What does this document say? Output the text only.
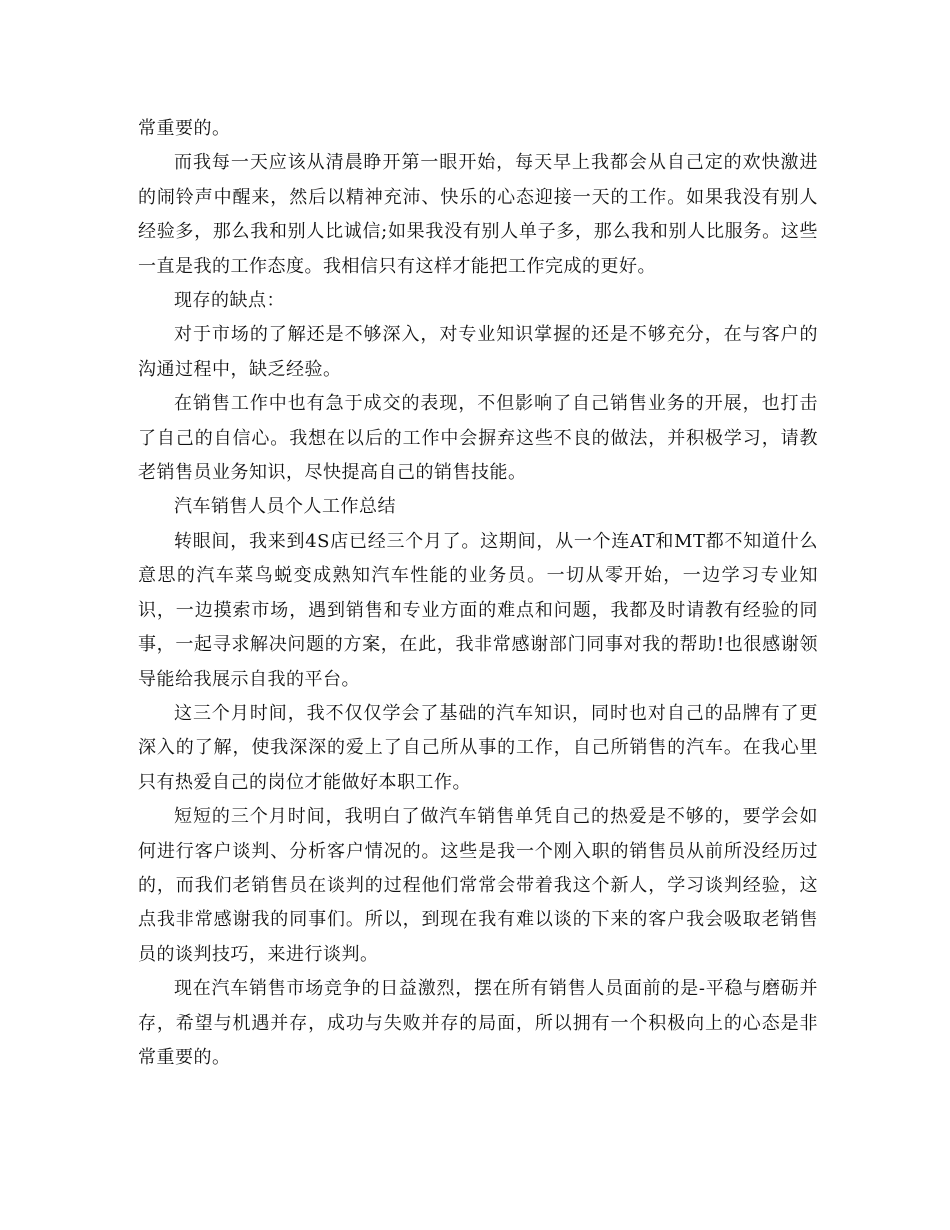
常重要的。

而我每一天应该从清晨睁开第一眼开始，每天早上我都会从自己定的欢快激进的闹铃声中醒来，然后以精神充沛、快乐的心态迎接一天的工作。如果我没有别人经验多，那么我和别人比诚信;如果我没有别人单子多，那么我和别人比服务。这些一直是我的工作态度。我相信只有这样才能把工作完成的更好。

现存的缺点：

对于市场的了解还是不够深入，对专业知识掌握的还是不够充分，在与客户的沟通过程中，缺乏经验。

在销售工作中也有急于成交的表现，不但影响了自己销售业务的开展，也打击了自己的自信心。我想在以后的工作中会摒弃这些不良的做法，并积极学习，请教老销售员业务知识，尽快提高自己的销售技能。

汽车销售人员个人工作总结

转眼间，我来到4S店已经三个月了。这期间，从一个连AT和MT都不知道什么意思的汽车菜鸟蜕变成熟知汽车性能的业务员。一切从零开始，一边学习专业知识，一边摸索市场，遇到销售和专业方面的难点和问题，我都及时请教有经验的同事，一起寻求解决问题的方案，在此，我非常感谢部门同事对我的帮助!也很感谢领导能给我展示自我的平台。

这三个月时间，我不仅仅学会了基础的汽车知识，同时也对自己的品牌有了更深入的了解，使我深深的爱上了自己所从事的工作，自己所销售的汽车。在我心里只有热爱自己的岗位才能做好本职工作。

短短的三个月时间，我明白了做汽车销售单凭自己的热爱是不够的，要学会如何进行客户谈判、分析客户情况的。这些是我一个刚入职的销售员从前所没经历过的，而我们老销售员在谈判的过程他们常常会带着我这个新人，学习谈判经验，这点我非常感谢我的同事们。所以，到现在我有难以谈的下来的客户我会吸取老销售员的谈判技巧，来进行谈判。

现在汽车销售市场竞争的日益激烈，摆在所有销售人员面前的是-平稳与磨砺并存，希望与机遇并存，成功与失败并存的局面，所以拥有一个积极向上的心态是非常重要的。
